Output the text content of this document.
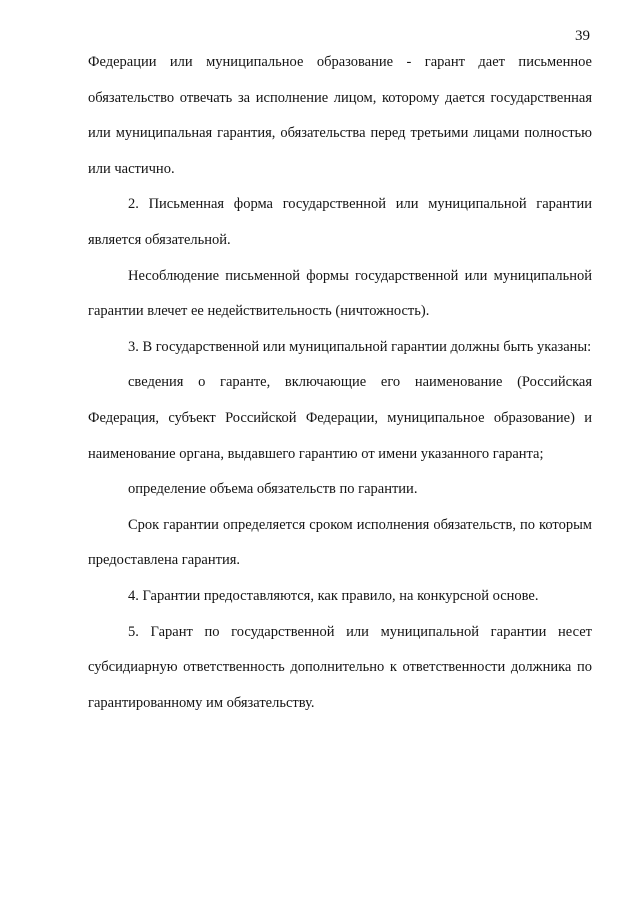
39

Федерации или муниципальное образование - гарант дает письменное обязательство отвечать за исполнение лицом, которому дается государственная или муниципальная гарантия, обязательства перед третьими лицами полностью или частично.

2. Письменная форма государственной или муниципальной гарантии является обязательной.

Несоблюдение письменной формы государственной или муниципальной гарантии влечет ее недействительность (ничтожность).

3. В государственной или муниципальной гарантии должны быть указаны:

сведения о гаранте, включающие его наименование (Российская Федерация, субъект Российской Федерации, муниципальное образование) и наименование органа, выдавшего гарантию от имени указанного гаранта;

определение объема обязательств по гарантии.

Срок гарантии определяется сроком исполнения обязательств, по которым предоставлена гарантия.

4. Гарантии предоставляются, как правило, на конкурсной основе.

5. Гарант по государственной или муниципальной гарантии несет субсидиарную ответственность дополнительно к ответственности должника по гарантированному им обязательству.
